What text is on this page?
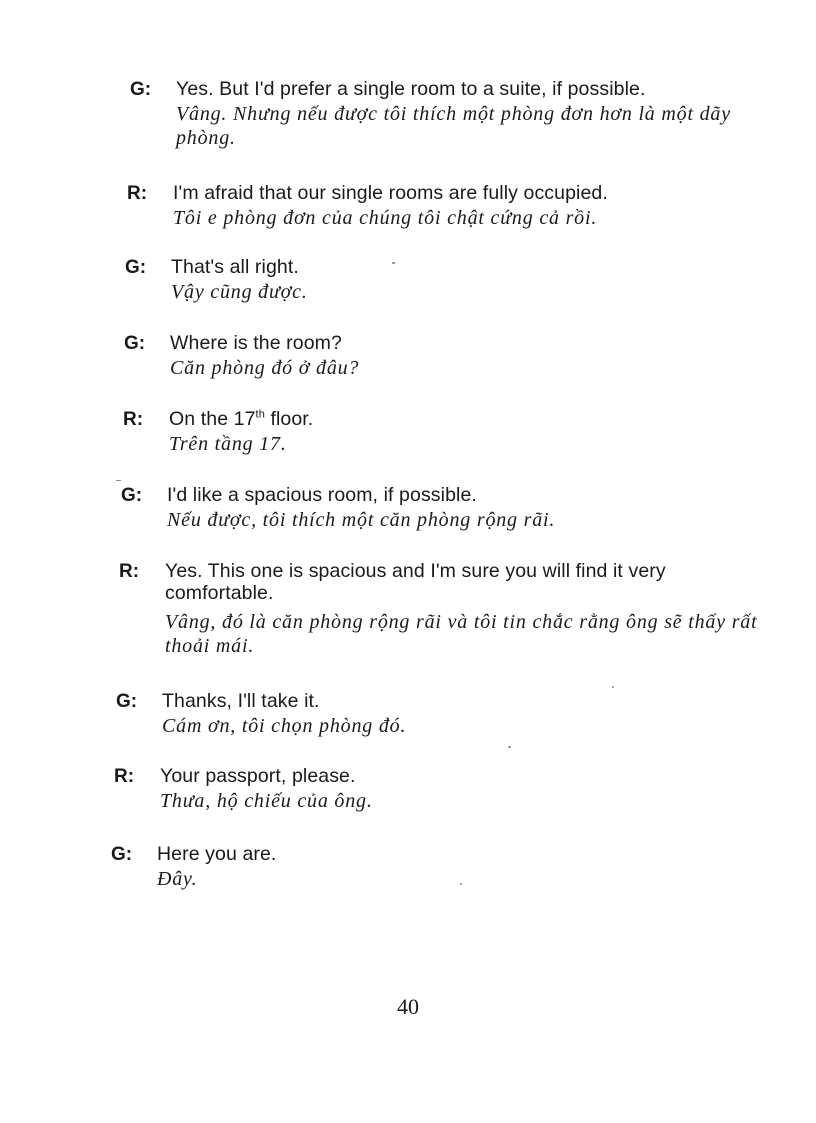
G:	Yes. But I'd prefer a single room to a suite, if possible.
Vâng. Nhưng nếu được tôi thích một phòng đơn hơn là một dãy phòng.
R:	I'm afraid that our single rooms are fully occupied.
Tôi e phòng đơn của chúng tôi chật cứng cả rồi.
G:	That's all right.
Vậy cũng được.
G:	Where is the room?
Căn phòng đó ở đâu?
R:	On the 17th floor.
Trên tầng 17.
G:	I'd like a spacious room, if possible.
Nếu được, tôi thích một căn phòng rộng rãi.
R:	Yes. This one is spacious and I'm sure you will find it very comfortable.
Vâng, đó là căn phòng rộng rãi và tôi tin chắc rằng ông sẽ thấy rất thoải mái.
G:	Thanks, I'll take it.
Cám ơn, tôi chọn phòng đó.
R:	Your passport, please.
Thưa, hộ chiếu của ông.
G:	Here you are.
Đây.
40
